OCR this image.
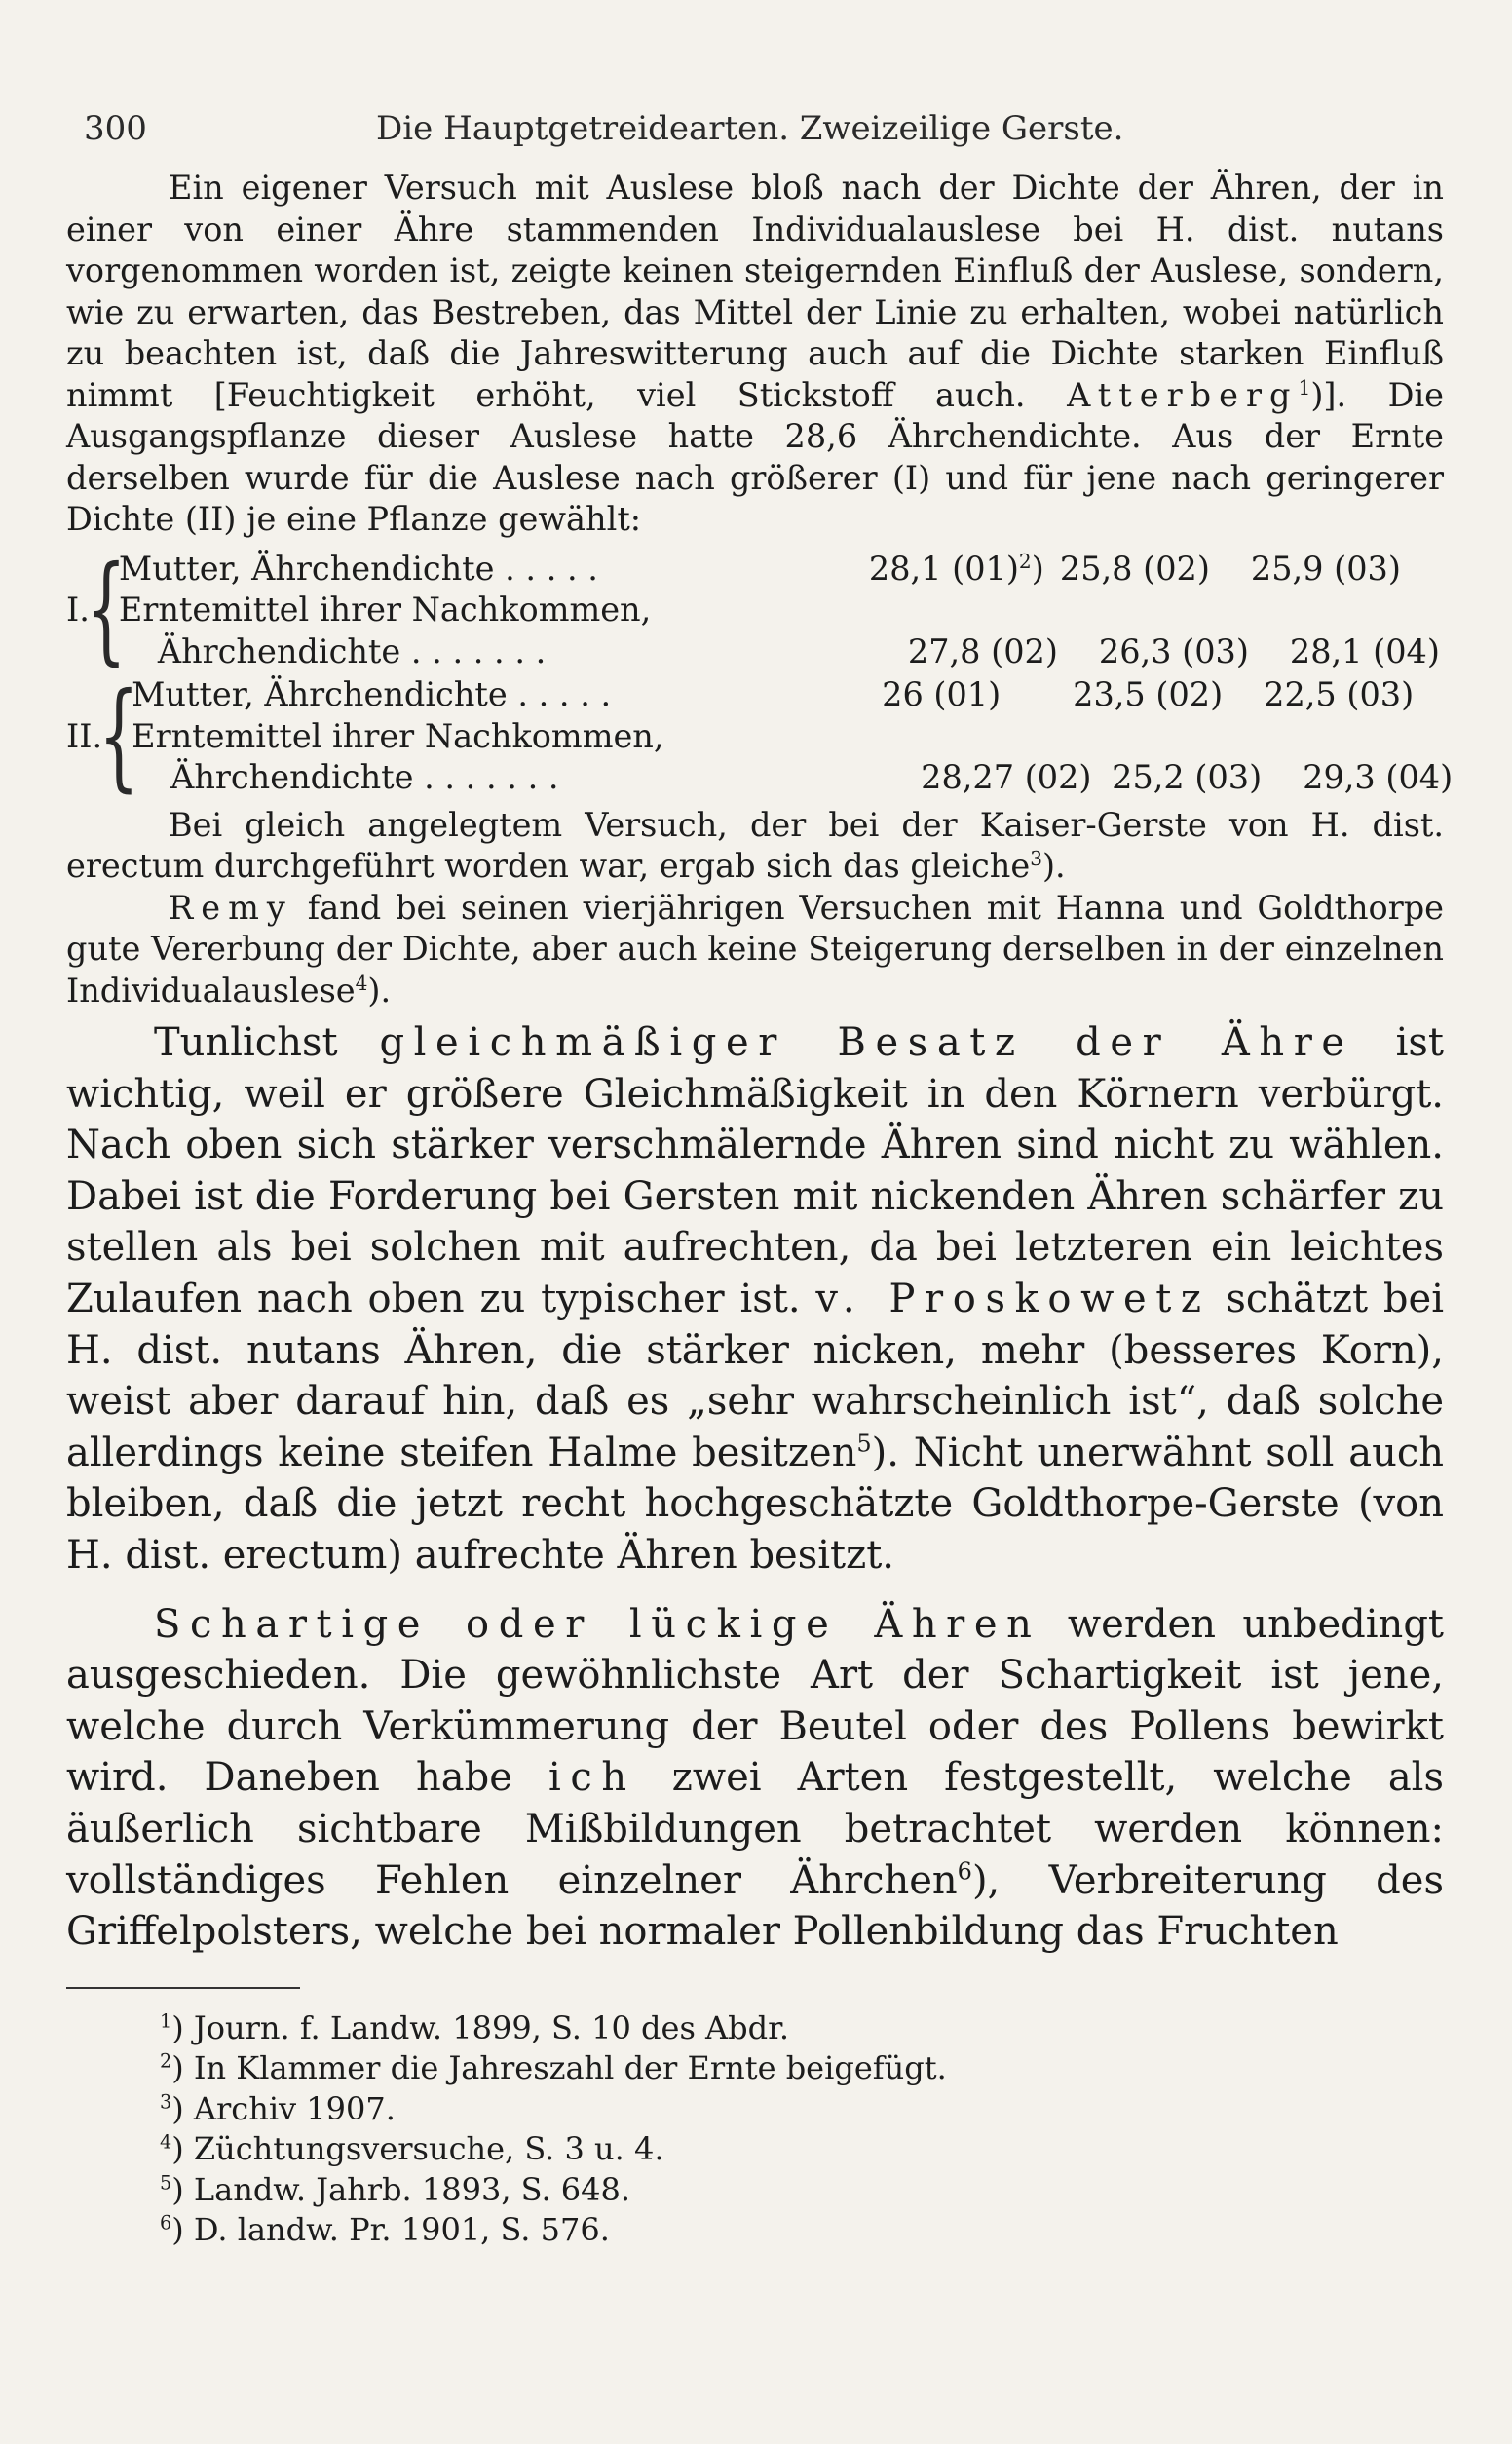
300	Die Hauptgetreidearten. Zweizeilige Gerste.

Ein eigener Versuch mit Auslese bloß nach der Dichte der Ähren, der in einer von einer Ähre stammenden Individualauslese bei H. dist. nutans vorgenommen worden ist, zeigte keinen steigernden Einfluß der Auslese, sondern, wie zu erwarten, das Bestreben, das Mittel der Linie zu erhalten, wobei natürlich zu beachten ist, daß die Jahreswitterung auch auf die Dichte starken Einfluß nimmt [Feuchtigkeit erhöht, viel Stickstoff auch. Atterberg$^1$)]. Die Ausgangspflanze dieser Auslese hatte 28,6 Ährchendichte. Aus der Ernte derselben wurde für die Auslese nach größerer (I) und für jene nach geringerer Dichte (II) je eine Pflanze gewählt:

I.
{
Mutter, Ährchendichte . . . . .	28,1 $(01)^2$) 25,8 (02)	25,9 (03)
Erntemittel ihrer Nachkommen,
Ährchendichte . . . . . . .	27,8 (02)	26,3 (03)	28,1 (04)
II.
{
Mutter, Ährchendichte . . . . .	26 (01)	23,5 (02)	22,5 (03)
Erntemittel ihrer Nachkommen,
Ährchendichte . . . . . . .	28,27 (02) 25,2 (03)	29,3 (04)

Bei gleich angelegtem Versuch, der bei der Kaiser-Gerste von H. dist. erectum durchgeführt worden war, ergab sich das gleiche$^3$).

Remy fand bei seinen vierjährigen Versuchen mit Hanna und Goldthorpe gute Vererbung der Dichte, aber auch keine Steigerung derselben in der einzelnen Individualauslese$^4$).

Tunlichst gleichmäßiger Besatz der Ähre ist wichtig, weil er größere Gleichmäßigkeit in den Körnern verbürgt. Nach oben sich stärker verschmälernde Ähren sind nicht zu wählen. Dabei ist die Forderung bei Gersten mit nickenden Ähren schärfer zu stellen als bei solchen mit aufrechten, da bei letzteren ein leichtes Zulaufen nach oben zu typischer ist. v. Proskowetz schätzt bei H. dist. nutans Ähren, die stärker nicken, mehr (besseres Korn), weist aber darauf hin, daß es „sehr wahrscheinlich ist“, daß solche allerdings keine steifen Halme besitzen$^5$). Nicht unerwähnt soll auch bleiben, daß die jetzt recht hochgeschätzte Goldthorpe-Gerste (von H. dist. erectum) aufrechte Ähren besitzt.

Schartige oder lückige Ähren werden unbedingt ausgeschieden. Die gewöhnlichste Art der Schartigkeit ist jene, welche durch Verkümmerung der Beutel oder des Pollens bewirkt wird. Daneben habe ich zwei Arten festgestellt, welche als äußerlich sichtbare Mißbildungen betrachtet werden können: vollständiges Fehlen einzelner Ährchen$^6$), Verbreiterung des Griffelpolsters, welche bei normaler Pollenbildung das Fruchten

$^1$) Journ. f. Landw. 1899, S. 10 des Abdr.
$^2$) In Klammer die Jahreszahl der Ernte beigefügt.
$^3$) Archiv 1907.
$^4$) Züchtungsversuche, S. 3 u. 4.
$^5$) Landw. Jahrb. 1893, S. 648.
$^6$) D. landw. Pr. 1901, S. 576.
